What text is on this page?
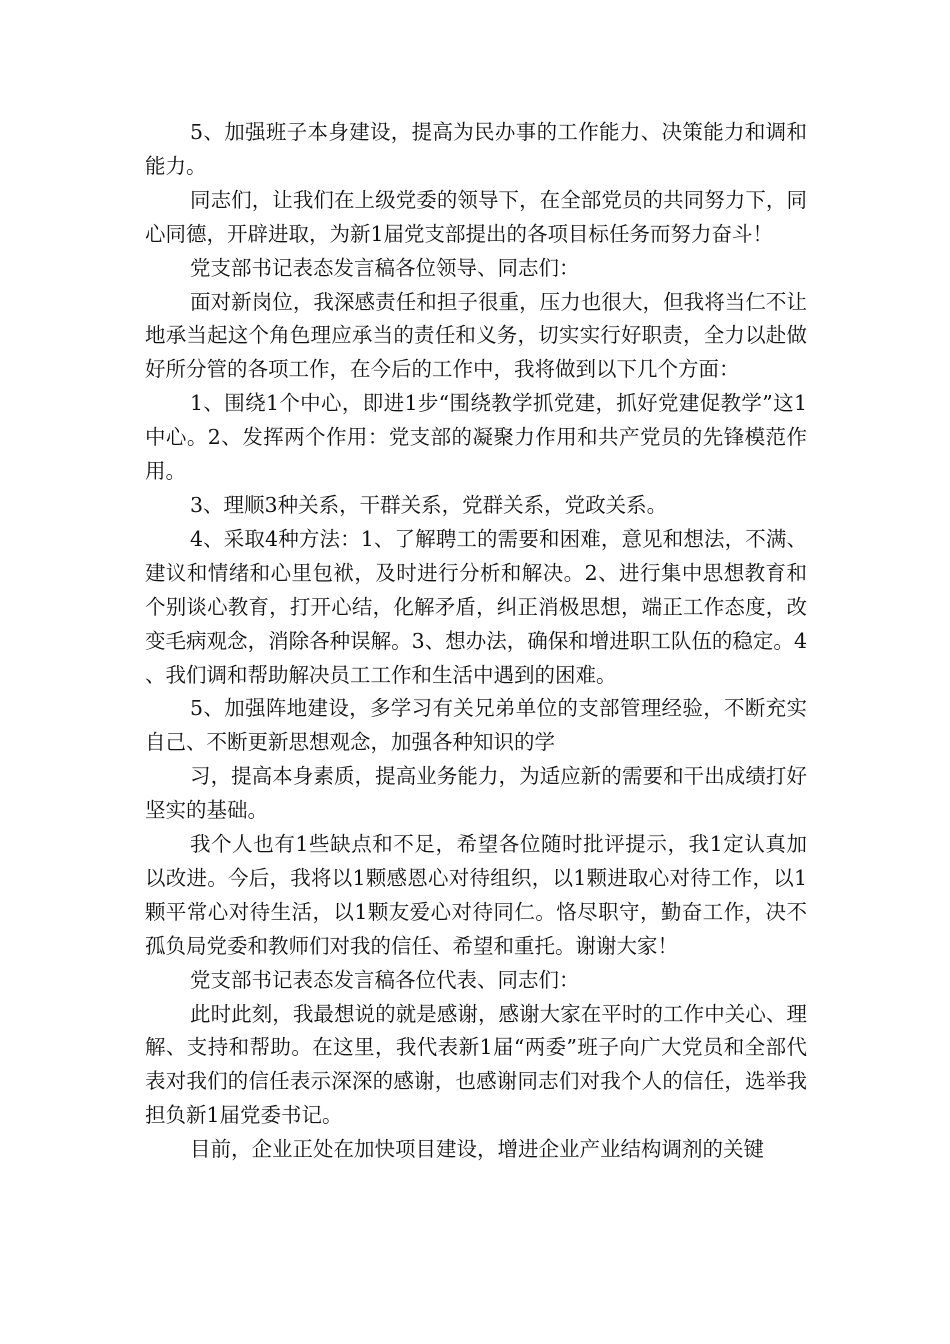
5、加强班子本身建设，提高为民办事的工作能力、决策能力和调和能力。

同志们，让我们在上级党委的领导下，在全部党员的共同努力下，同心同德，开辟进取，为新1届党支部提出的各项目标任务而努力奋斗！

党支部书记表态发言稿各位领导、同志们：

面对新岗位，我深感责任和担子很重，压力也很大，但我将当仁不让地承当起这个角色理应承当的责任和义务，切实实行好职责，全力以赴做好所分管的各项工作，在今后的工作中，我将做到以下几个方面：

1、围绕1个中心，即进1步“围绕教学抓党建，抓好党建促教学”这1中心。2、发挥两个作用：党支部的凝聚力作用和共产党员的先锋模范作用。

3、理顺3种关系，干群关系，党群关系，党政关系。

4、采取4种方法：1、了解聘工的需要和困难，意见和想法，不满、建议和情绪和心里包袱，及时进行分析和解决。2、进行集中思想教育和个别谈心教育，打开心结，化解矛盾，纠正消极思想，端正工作态度，改变毛病观念，消除各种误解。3、想办法，确保和增进职工队伍的稳定。4、我们调和帮助解决员工工作和生活中遇到的困难。

5、加强阵地建设，多学习有关兄弟单位的支部管理经验，不断充实自己、不断更新思想观念，加强各种知识的学

习，提高本身素质，提高业务能力，为适应新的需要和干出成绩打好坚实的基础。

我个人也有1些缺点和不足，希望各位随时批评提示，我1定认真加以改进。今后，我将以1颗感恩心对待组织，以1颗进取心对待工作，以1颗平常心对待生活，以1颗友爱心对待同仁。恪尽职守，勤奋工作，决不孤负局党委和教师们对我的信任、希望和重托。谢谢大家！

党支部书记表态发言稿各位代表、同志们：

此时此刻，我最想说的就是感谢，感谢大家在平时的工作中关心、理解、支持和帮助。在这里，我代表新1届“两委”班子向广大党员和全部代表对我们的信任表示深深的感谢，也感谢同志们对我个人的信任，选举我担负新1届党委书记。

目前，企业正处在加快项目建设，增进企业产业结构调剂的关键
